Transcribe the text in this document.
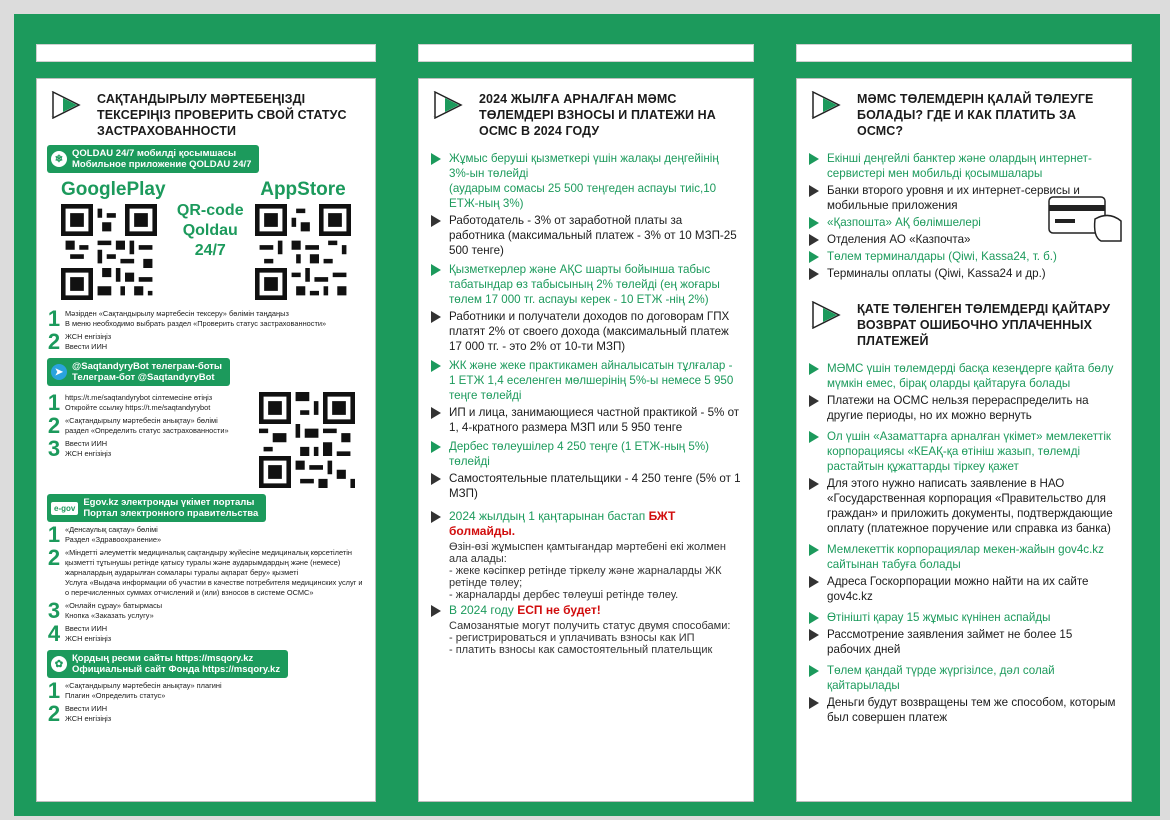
САҚТАНДЫРЫЛУ МӘРТЕБЕҢІЗДІ ТЕКСЕРІҢІЗ ПРОВЕРИТЬ СВОЙ СТАТУС ЗАСТРАХОВАННОСТИ
❄ QOLDAU 24/7 мобилді қосымшасы
Мобильное приложение QOLDAU 24/7
GooglePlay
QR-code
Qoldau
24/7
AppStore
1 Мәзірден «Сақтандырылу мәртебесін тексеру» бөлімін таңдаңыз
В меню необходимо выбрать раздел «Проверить статус застрахованности»
2 ЖСН енгізіңіз
Ввести ИИН
➤ @SaqtandyryBot телеграм-боты
Телеграм-бот @SaqtandyryBot
1 https://t.me/saqtandyrybot сілтемесіне өтіңіз
Откройте ссылку https://t.me/saqtandyrybot
2 «Сақтандырылу мәртебесін анықтау» бөлімі
раздел «Определить статус застрахованности»
3 Ввести ИИН
ЖСН енгізіңіз
e-gov Egov.kz электронды үкімет порталы
Портал электронного правительства
1 «Денсаулық сақтау» бөлімі
Раздел «Здравоохранение»
2 «Міндетті әлеуметтік медициналық сақтандыру жүйесіне медициналық көрсетілетін қызметті тұтынушы ретінде қатысу туралы және аударымдардың және (немесе) жарналардың аударылған сомалары туралы ақпарат беру» қызметі
Услуга «Выдача информации об участии в качестве потребителя медицинских услуг и о перечисленных суммах отчислений и (или) взносов в системе ОСМС»
3 «Онлайн сұрау» батырмасы
Кнопка «Заказать услугу»
4 Ввести ИИН
ЖСН енгізіңіз
✿ Қордың ресми сайты https://msqory.kz
Официальный сайт Фонда https://msqory.kz
1 «Сақтандырылу мәртебесін анықтау» плагині
Плагин «Определить статус»
2 Ввести ИИН
ЖСН енгізіңіз
2024 ЖЫЛҒА АРНАЛҒАН МӘМС ТӨЛЕМДЕРІ ВЗНОСЫ И ПЛАТЕЖИ НА ОСМС В 2024 ГОДУ
Жұмыс беруші қызметкері үшін жалақы деңгейінің 3%-ын төлейді
(аударым сомасы 25 500 теңгеден аспауы тиіс,10 ЕТЖ-ның 3%)
Работодатель - 3% от заработной платы за работника (максимальный платеж - 3% от 10 МЗП-25 500 тенге)
Қызметкерлер және АҚС шарты бойынша табыс табатындар өз табысының 2% төлейді (ең жоғары төлем 17 000 тг. аспауы керек - 10 ЕТЖ -нің 2%)
Работники и получатели доходов по договорам ГПХ платят 2% от своего дохода (максимальный платеж 17 000 тг. - это 2% от 10-ти МЗП)
ЖК және жеке практикамен айналысатын тұлғалар - 1 ЕТЖ 1,4 еселенген мөлшерінің 5%-ы немесе 5 950 теңге төлейді
ИП и лица, занимающиеся частной практикой - 5% от 1, 4-кратного размера МЗП или 5 950 тенге
Дербес төлеушілер 4 250 теңге (1 ЕТЖ-ның 5%) төлейді
Самостоятельные плательщики - 4 250 тенге (5% от 1 МЗП)
2024 жылдың 1 қаңтарынан бастап БЖТ болмайды.
Өзін-өзі жұмыспен қамтығандар мәртебені екі жолмен ала алады:
- жеке кәсіпкер ретінде тіркелу және жарналарды ЖК ретінде төлеу;
- жарналарды дербес төлеуші ретінде төлеу.
В 2024 году ЕСП не будет!
Самозанятые могут получить статус двумя способами:
- регистрироваться и уплачивать взносы как ИП
- платить взносы как самостоятельный плательщик
МӘМС ТӨЛЕМДЕРІН ҚАЛАЙ ТӨЛЕУГЕ БОЛАДЫ? ГДЕ И КАК ПЛАТИТЬ ЗА ОСМС?
Екінші деңгейлі банктер және олардың интернет-сервистері мен мобильді қосымшалары
Банки второго уровня и их интернет-сервисы и мобильные приложения
«Қазпошта» АҚ бөлімшелері
Отделения АО «Казпочта»
Төлем терминалдары (Qiwi, Kassa24, т. б.)
Терминалы оплаты (Qiwi, Kassa24 и др.)
ҚАТЕ ТӨЛЕНГЕН ТӨЛЕМДЕРДІ ҚАЙТАРУ ВОЗВРАТ ОШИБОЧНО УПЛАЧЕННЫХ ПЛАТЕЖЕЙ
МӘМС үшін төлемдерді басқа кезеңдерге қайта бөлу мүмкін емес, бірақ оларды қайтаруға болады
Платежи на ОСМС нельзя перераспределить на другие периоды, но их можно вернуть
Ол үшін «Азаматтарға арналған үкімет» мемлекеттік корпорациясы «КЕАҚ-қа өтініш жазып, төлемді растайтын құжаттарды тіркеу қажет
Для этого нужно написать заявление в НАО «Государственная корпорация «Правительство для граждан» и приложить документы, подтверждающие оплату (платежное поручение или справка из банка)
Мемлекеттік корпорациялар мекен-жайын gov4c.kz сайтынан табуға болады
Адреса Госкорпорации можно найти на их сайте gov4c.kz
Өтінішті қарау 15 жұмыс күнінен аспайды
Рассмотрение заявления займет не более 15 рабочих дней
Төлем қандай түрде жүргізілсе, дәл солай қайтарылады
Деньги будут возвращены тем же способом, которым был совершен платеж
